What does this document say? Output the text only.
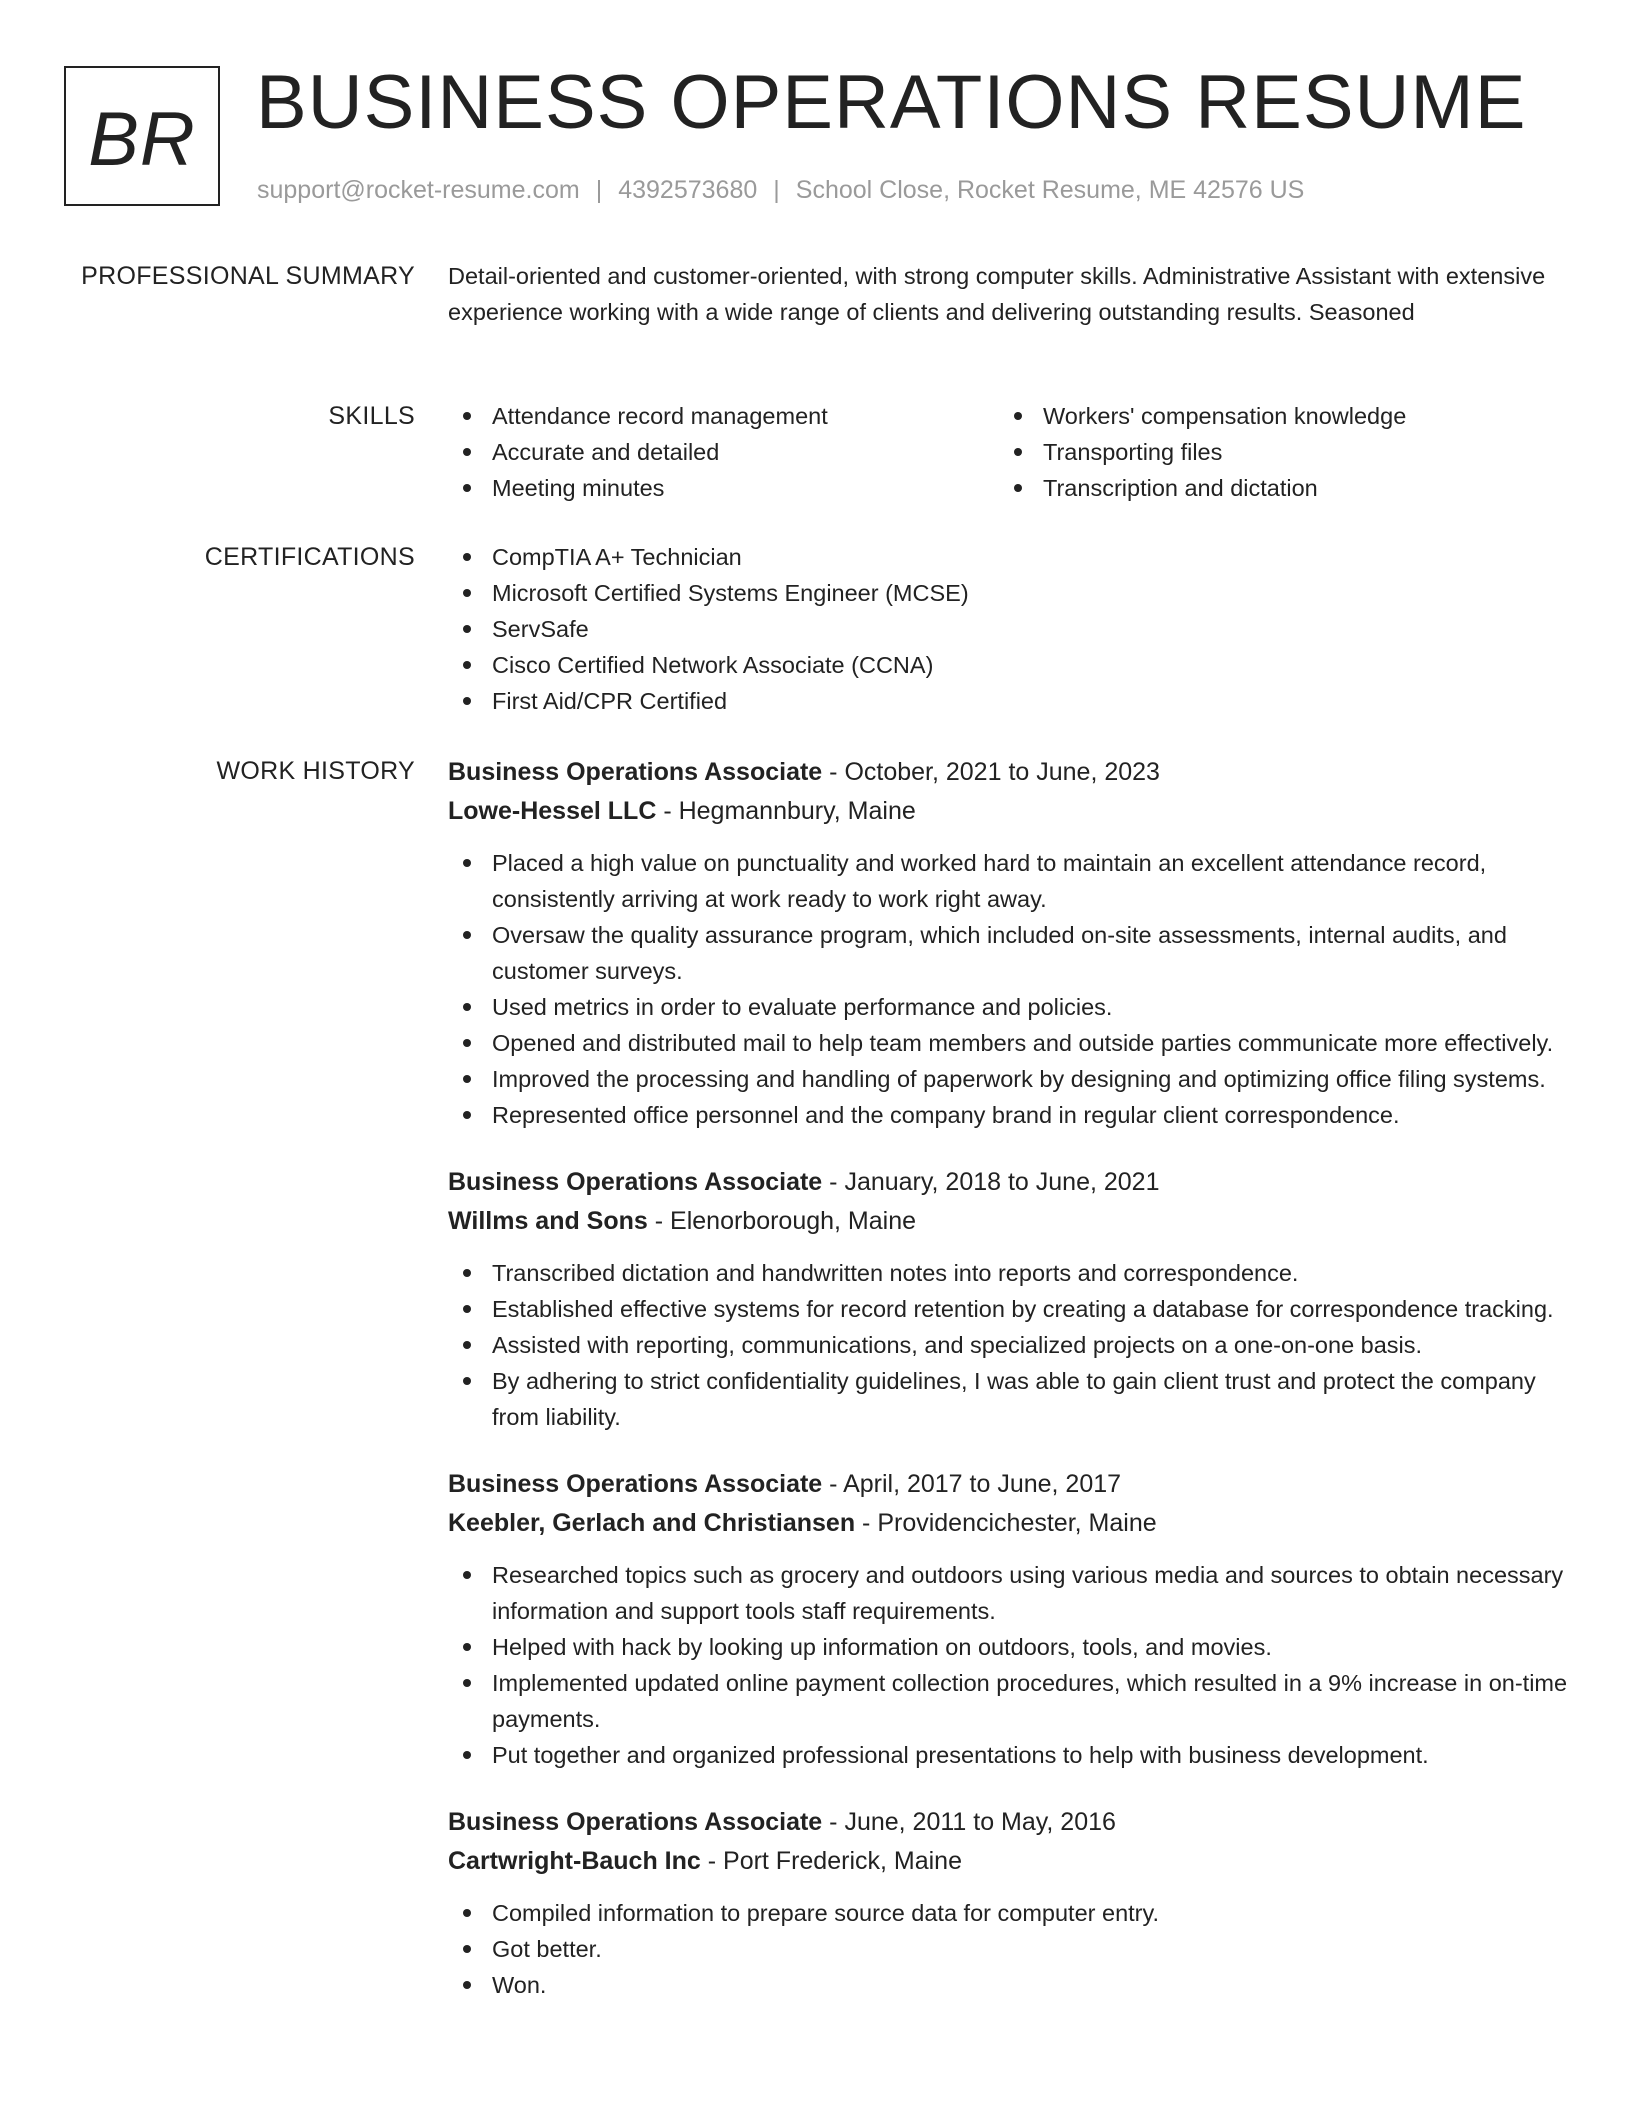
BR BUSINESS OPERATIONS RESUME
support@rocket-resume.com | 4392573680 | School Close, Rocket Resume, ME 42576 US
PROFESSIONAL SUMMARY Detail-oriented and customer-oriented, with strong computer skills. Administrative Assistant with extensive experience working with a wide range of clients and delivering outstanding results. Seasoned

SKILLS	Attendance record management
Accurate and detailed
Meeting minutes
Workers' compensation knowledge
Transporting files
Transcription and dictation
CERTIFICATIONS	CompTIA A+ Technician
Microsoft Certified Systems Engineer (MCSE)
ServSafe
Cisco Certified Network Associate (CCNA)
First Aid/CPR Certified
WORK HISTORY Business Operations Associate - October, 2021 to June, 2023
Lowe-Hessel LLC - Hegmannbury, Maine
Placed a high value on punctuality and worked hard to maintain an excellent attendance record, consistently arriving at work ready to work right away.
Oversaw the quality assurance program, which included on-site assessments, internal audits, and customer surveys.
Used metrics in order to evaluate performance and policies.
Opened and distributed mail to help team members and outside parties communicate more effectively.
Improved the processing and handling of paperwork by designing and optimizing office filing systems.
Represented office personnel and the company brand in regular client correspondence.
Business Operations Associate - January, 2018 to June, 2021
Willms and Sons - Elenorborough, Maine
Transcribed dictation and handwritten notes into reports and correspondence.
Established effective systems for record retention by creating a database for correspondence tracking.
Assisted with reporting, communications, and specialized projects on a one-on-one basis.
By adhering to strict confidentiality guidelines, I was able to gain client trust and protect the company from liability.
Business Operations Associate - April, 2017 to June, 2017
Keebler, Gerlach and Christiansen - Providencichester, Maine
Researched topics such as grocery and outdoors using various media and sources to obtain necessary information and support tools staff requirements.
Helped with hack by looking up information on outdoors, tools, and movies.
Implemented updated online payment collection procedures, which resulted in a 9% increase in on-time payments.
Put together and organized professional presentations to help with business development.
Business Operations Associate - June, 2011 to May, 2016
Cartwright-Bauch Inc - Port Frederick, Maine
Compiled information to prepare source data for computer entry.
Got better.
Won.
